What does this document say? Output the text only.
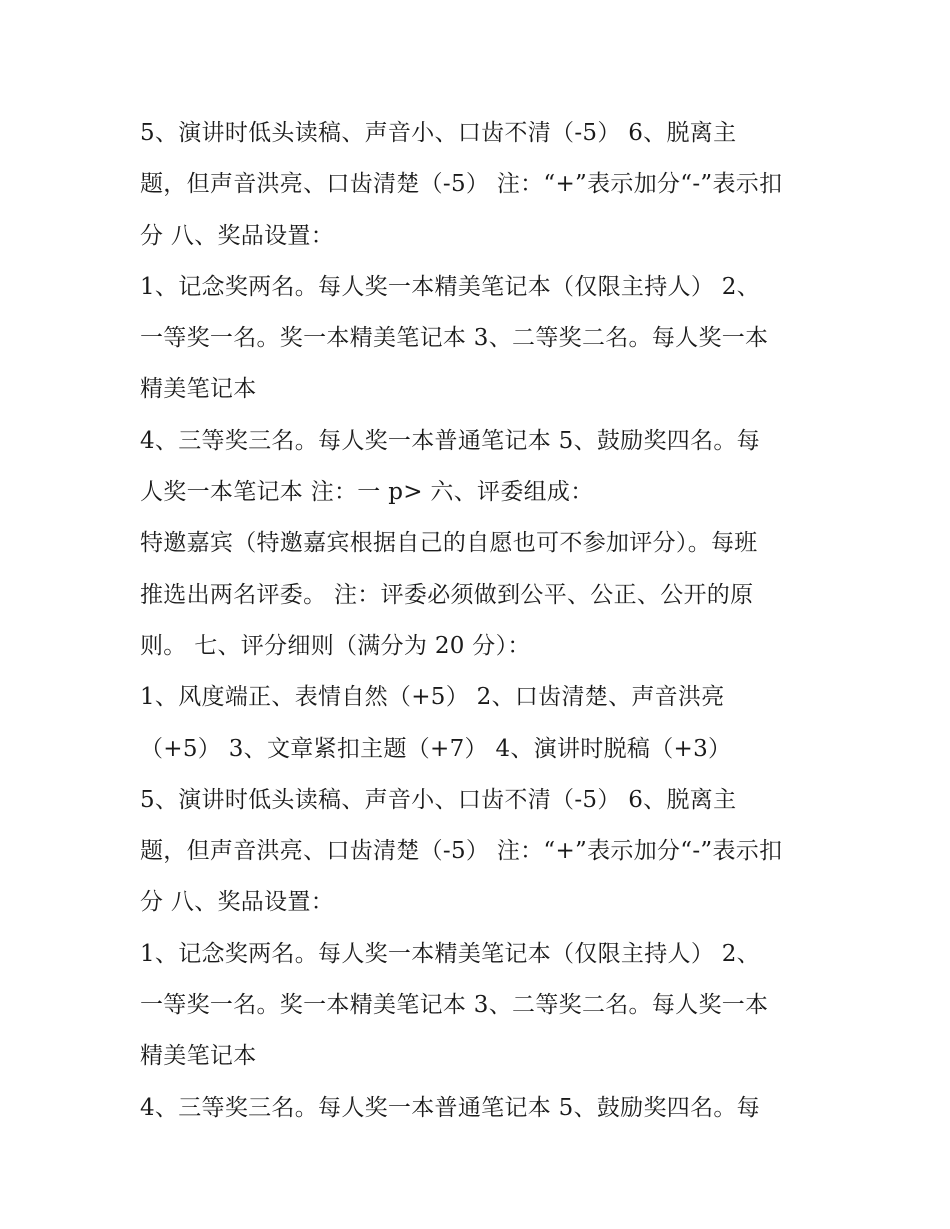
5、演讲时低头读稿、声音小、口齿不清（-5） 6、脱离主
题，但声音洪亮、口齿清楚（-5） 注：“+”表示加分“-”表示扣
分 八、奖品设置：
1、记念奖两名。每人奖一本精美笔记本（仅限主持人） 2、
一等奖一名。奖一本精美笔记本 3、二等奖二名。每人奖一本
精美笔记本
4、三等奖三名。每人奖一本普通笔记本 5、鼓励奖四名。每
人奖一本笔记本 注：一 p> 六、评委组成：
特邀嘉宾（特邀嘉宾根据自己的自愿也可不参加评分）。每班
推选出两名评委。 注：评委必须做到公平、公正、公开的原
则。 七、评分细则（满分为 20 分）：
1、风度端正、表情自然（+5） 2、口齿清楚、声音洪亮
（+5） 3、文章紧扣主题（+7） 4、演讲时脱稿（+3）
5、演讲时低头读稿、声音小、口齿不清（-5） 6、脱离主
题，但声音洪亮、口齿清楚（-5） 注：“+”表示加分“-”表示扣
分 八、奖品设置：
1、记念奖两名。每人奖一本精美笔记本（仅限主持人） 2、
一等奖一名。奖一本精美笔记本 3、二等奖二名。每人奖一本
精美笔记本
4、三等奖三名。每人奖一本普通笔记本 5、鼓励奖四名。每
